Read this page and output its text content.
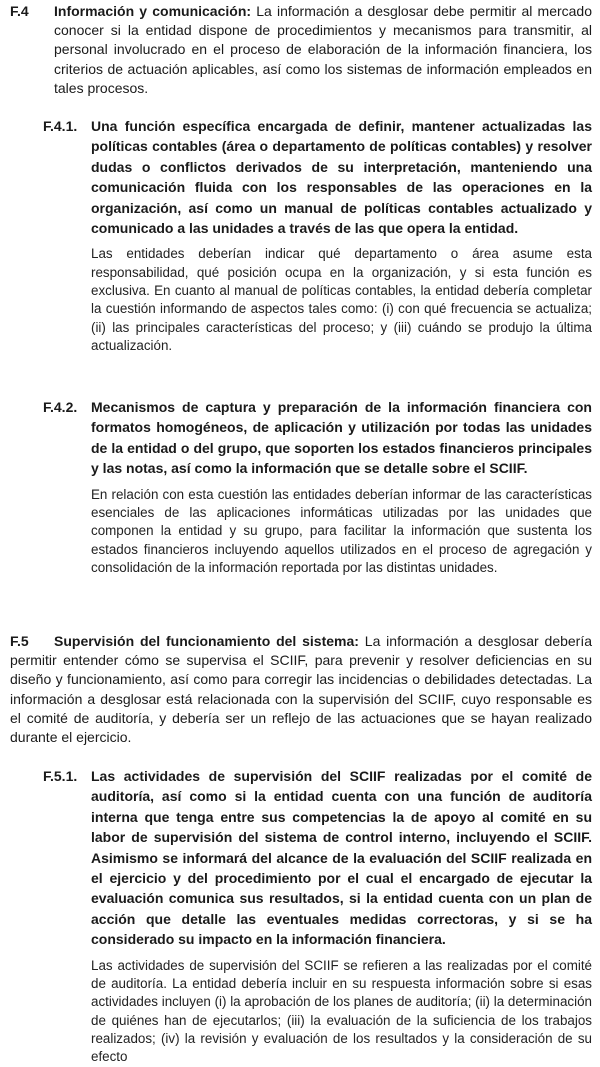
F.4 Información y comunicación: La información a desglosar debe permitir al mercado conocer si la entidad dispone de procedimientos y mecanismos para transmitir, al personal involucrado en el proceso de elaboración de la información financiera, los criterios de actuación aplicables, así como los sistemas de información empleados en tales procesos.
F.4.1. Una función específica encargada de definir, mantener actualizadas las políticas contables (área o departamento de políticas contables) y resolver dudas o conflictos derivados de su interpretación, manteniendo una comunicación fluida con los responsables de las operaciones en la organización, así como un manual de políticas contables actualizado y comunicado a las unidades a través de las que opera la entidad.
Las entidades deberían indicar qué departamento o área asume esta responsabilidad, qué posición ocupa en la organización, y si esta función es exclusiva. En cuanto al manual de políticas contables, la entidad debería completar la cuestión informando de aspectos tales como: (i) con qué frecuencia se actualiza; (ii) las principales características del proceso; y (iii) cuándo se produjo la última actualización.
F.4.2. Mecanismos de captura y preparación de la información financiera con formatos homogéneos, de aplicación y utilización por todas las unidades de la entidad o del grupo, que soporten los estados financieros principales y las notas, así como la información que se detalle sobre el SCIIF.
En relación con esta cuestión las entidades deberían informar de las características esenciales de las aplicaciones informáticas utilizadas por las unidades que componen la entidad y su grupo, para facilitar la información que sustenta los estados financieros incluyendo aquellos utilizados en el proceso de agregación y consolidación de la información reportada por las distintas unidades.
F.5	Supervisión del funcionamiento del sistema: La información a desglosar debería permitir entender cómo se supervisa el SCIIF, para prevenir y resolver deficiencias en su diseño y funcionamiento, así como para corregir las incidencias o debilidades detectadas. La información a desglosar está relacionada con la supervisión del SCIIF, cuyo responsable es el comité de auditoría, y debería ser un reflejo de las actuaciones que se hayan realizado durante el ejercicio.
F.5.1. Las actividades de supervisión del SCIIF realizadas por el comité de auditoría, así como si la entidad cuenta con una función de auditoría interna que tenga entre sus competencias la de apoyo al comité en su labor de supervisión del sistema de control interno, incluyendo el SCIIF. Asimismo se informará del alcance de la evaluación del SCIIF realizada en el ejercicio y del procedimiento por el cual el encargado de ejecutar la evaluación comunica sus resultados, si la entidad cuenta con un plan de acción que detalle las eventuales medidas correctoras, y si se ha considerado su impacto en la información financiera.
Las actividades de supervisión del SCIIF se refieren a las realizadas por el comité de auditoría. La entidad debería incluir en su respuesta información sobre si esas actividades incluyen (i) la aprobación de los planes de auditoría; (ii) la determinación de quiénes han de ejecutarlos; (iii) la evaluación de la suficiencia de los trabajos realizados; (iv) la revisión y evaluación de los resultados y la consideración de su efecto
